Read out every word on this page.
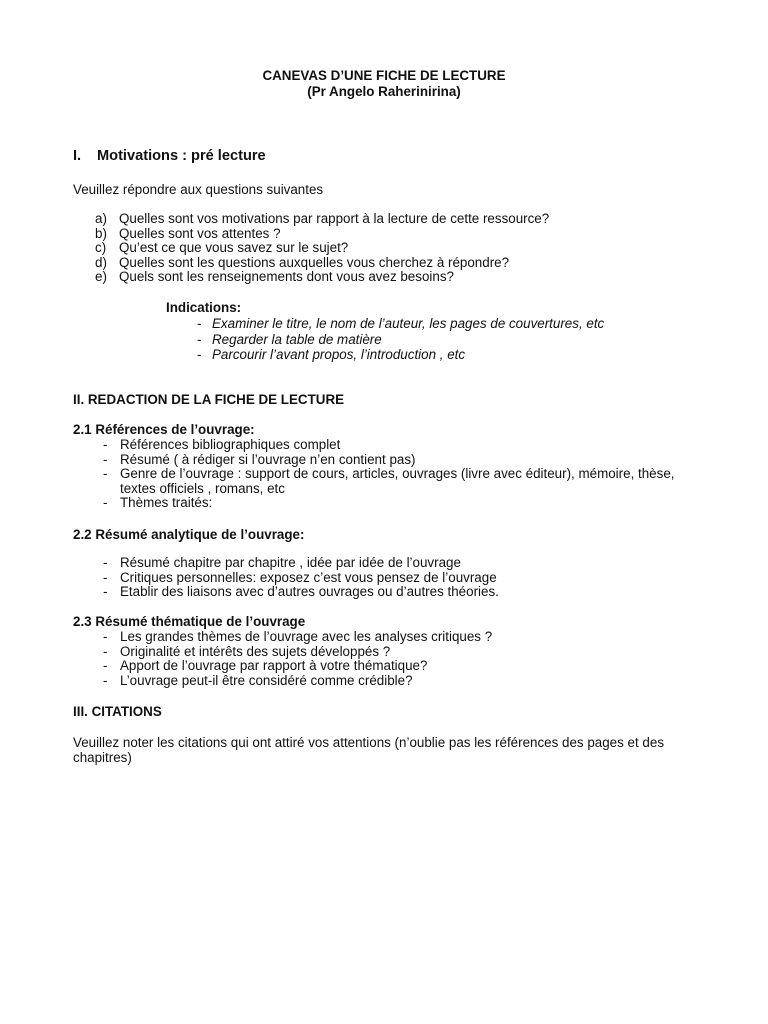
CANEVAS D’UNE FICHE DE LECTURE
(Pr Angelo Raherinirina)
I. Motivations : pré lecture
Veuillez répondre aux questions suivantes
a) Quelles sont vos motivations par rapport à la lecture de cette ressource?
b) Quelles sont vos attentes ?
c) Qu’est ce que vous savez sur le sujet?
d) Quelles sont les questions auxquelles vous cherchez à répondre?
e) Quels sont les renseignements dont vous avez besoins?
Indications:
- Examiner le titre, le nom de l’auteur, les pages de couvertures, etc
- Regarder la table de matière
- Parcourir l’avant propos, l’introduction , etc
II. REDACTION DE LA FICHE DE LECTURE
2.1 Références de l’ouvrage:
- Références bibliographiques complet
- Résumé ( à rédiger si l’ouvrage n’en contient pas)
- Genre de l’ouvrage : support de cours, articles, ouvrages (livre avec éditeur), mémoire, thèse, textes officiels , romans, etc
- Thèmes traités:
2.2 Résumé analytique de l’ouvrage:
- Résumé chapitre par chapitre , idée par idée de l’ouvrage
- Critiques personnelles: exposez c’est vous pensez de l’ouvrage
- Etablir des liaisons avec d’autres ouvrages ou d’autres théories.
2.3 Résumé thématique de l’ouvrage
- Les grandes thèmes de l’ouvrage avec les analyses critiques ?
- Originalité et intérêts des sujets développés ?
- Apport de l’ouvrage par rapport à votre thématique?
- L’ouvrage peut-il être considéré comme crédible?
III. CITATIONS
Veuillez noter les citations qui ont attiré vos attentions (n’oublie pas les références des pages et des chapitres)
